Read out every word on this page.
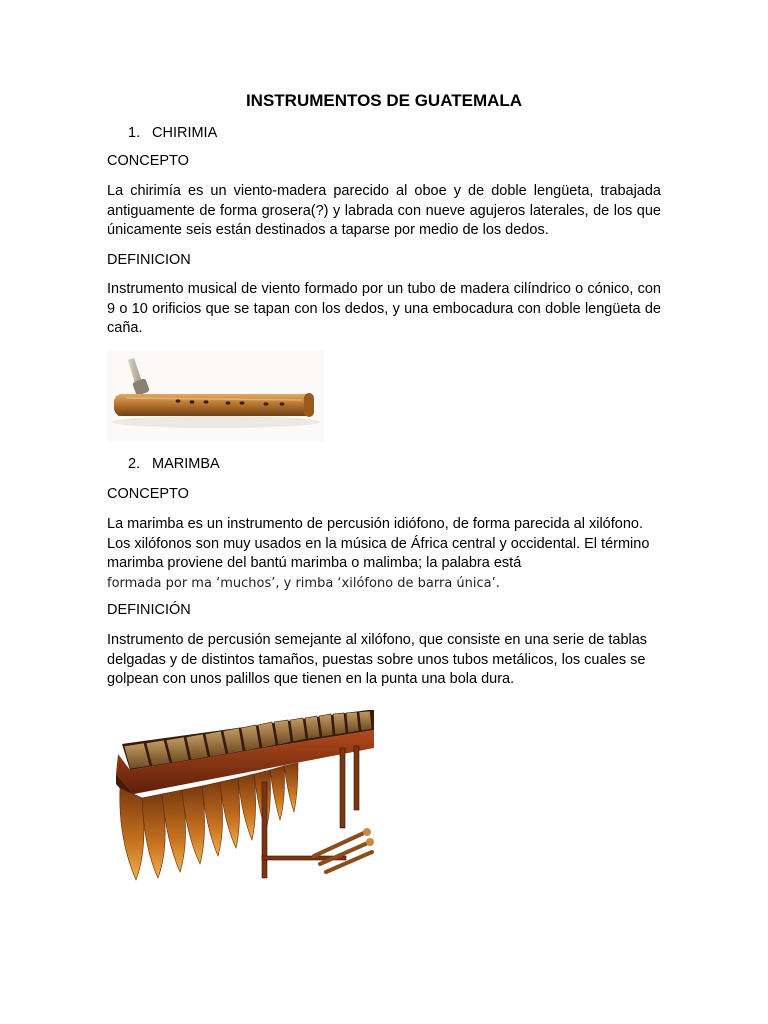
INSTRUMENTOS DE GUATEMALA
1. CHIRIMIA
CONCEPTO
La chirimía es un viento-madera parecido al oboe y de doble lengüeta, trabajada antiguamente de forma grosera(?) y labrada con nueve agujeros laterales, de los que únicamente seis están destinados a taparse por medio de los dedos.
DEFINICION
Instrumento musical de viento formado por un tubo de madera cilíndrico o cónico, con 9 o 10 orificios que se tapan con los dedos, y una embocadura con doble lengüeta de caña.
2. MARIMBA
CONCEPTO
La marimba es un instrumento de percusión idiófono, de forma parecida al xilófono. Los xilófonos son muy usados en la música de África central y occidental. El término marimba proviene del bantú marimba o malimba; la palabra está
formada por ma ‘muchos’, y rimba ‘xilófono de barra única’.
DEFINICIÓN
Instrumento de percusión semejante al xilófono, que consiste en una serie de tablas delgadas y de distintos tamaños, puestas sobre unos tubos metálicos, los cuales se golpean con unos palillos que tienen en la punta una bola dura.
